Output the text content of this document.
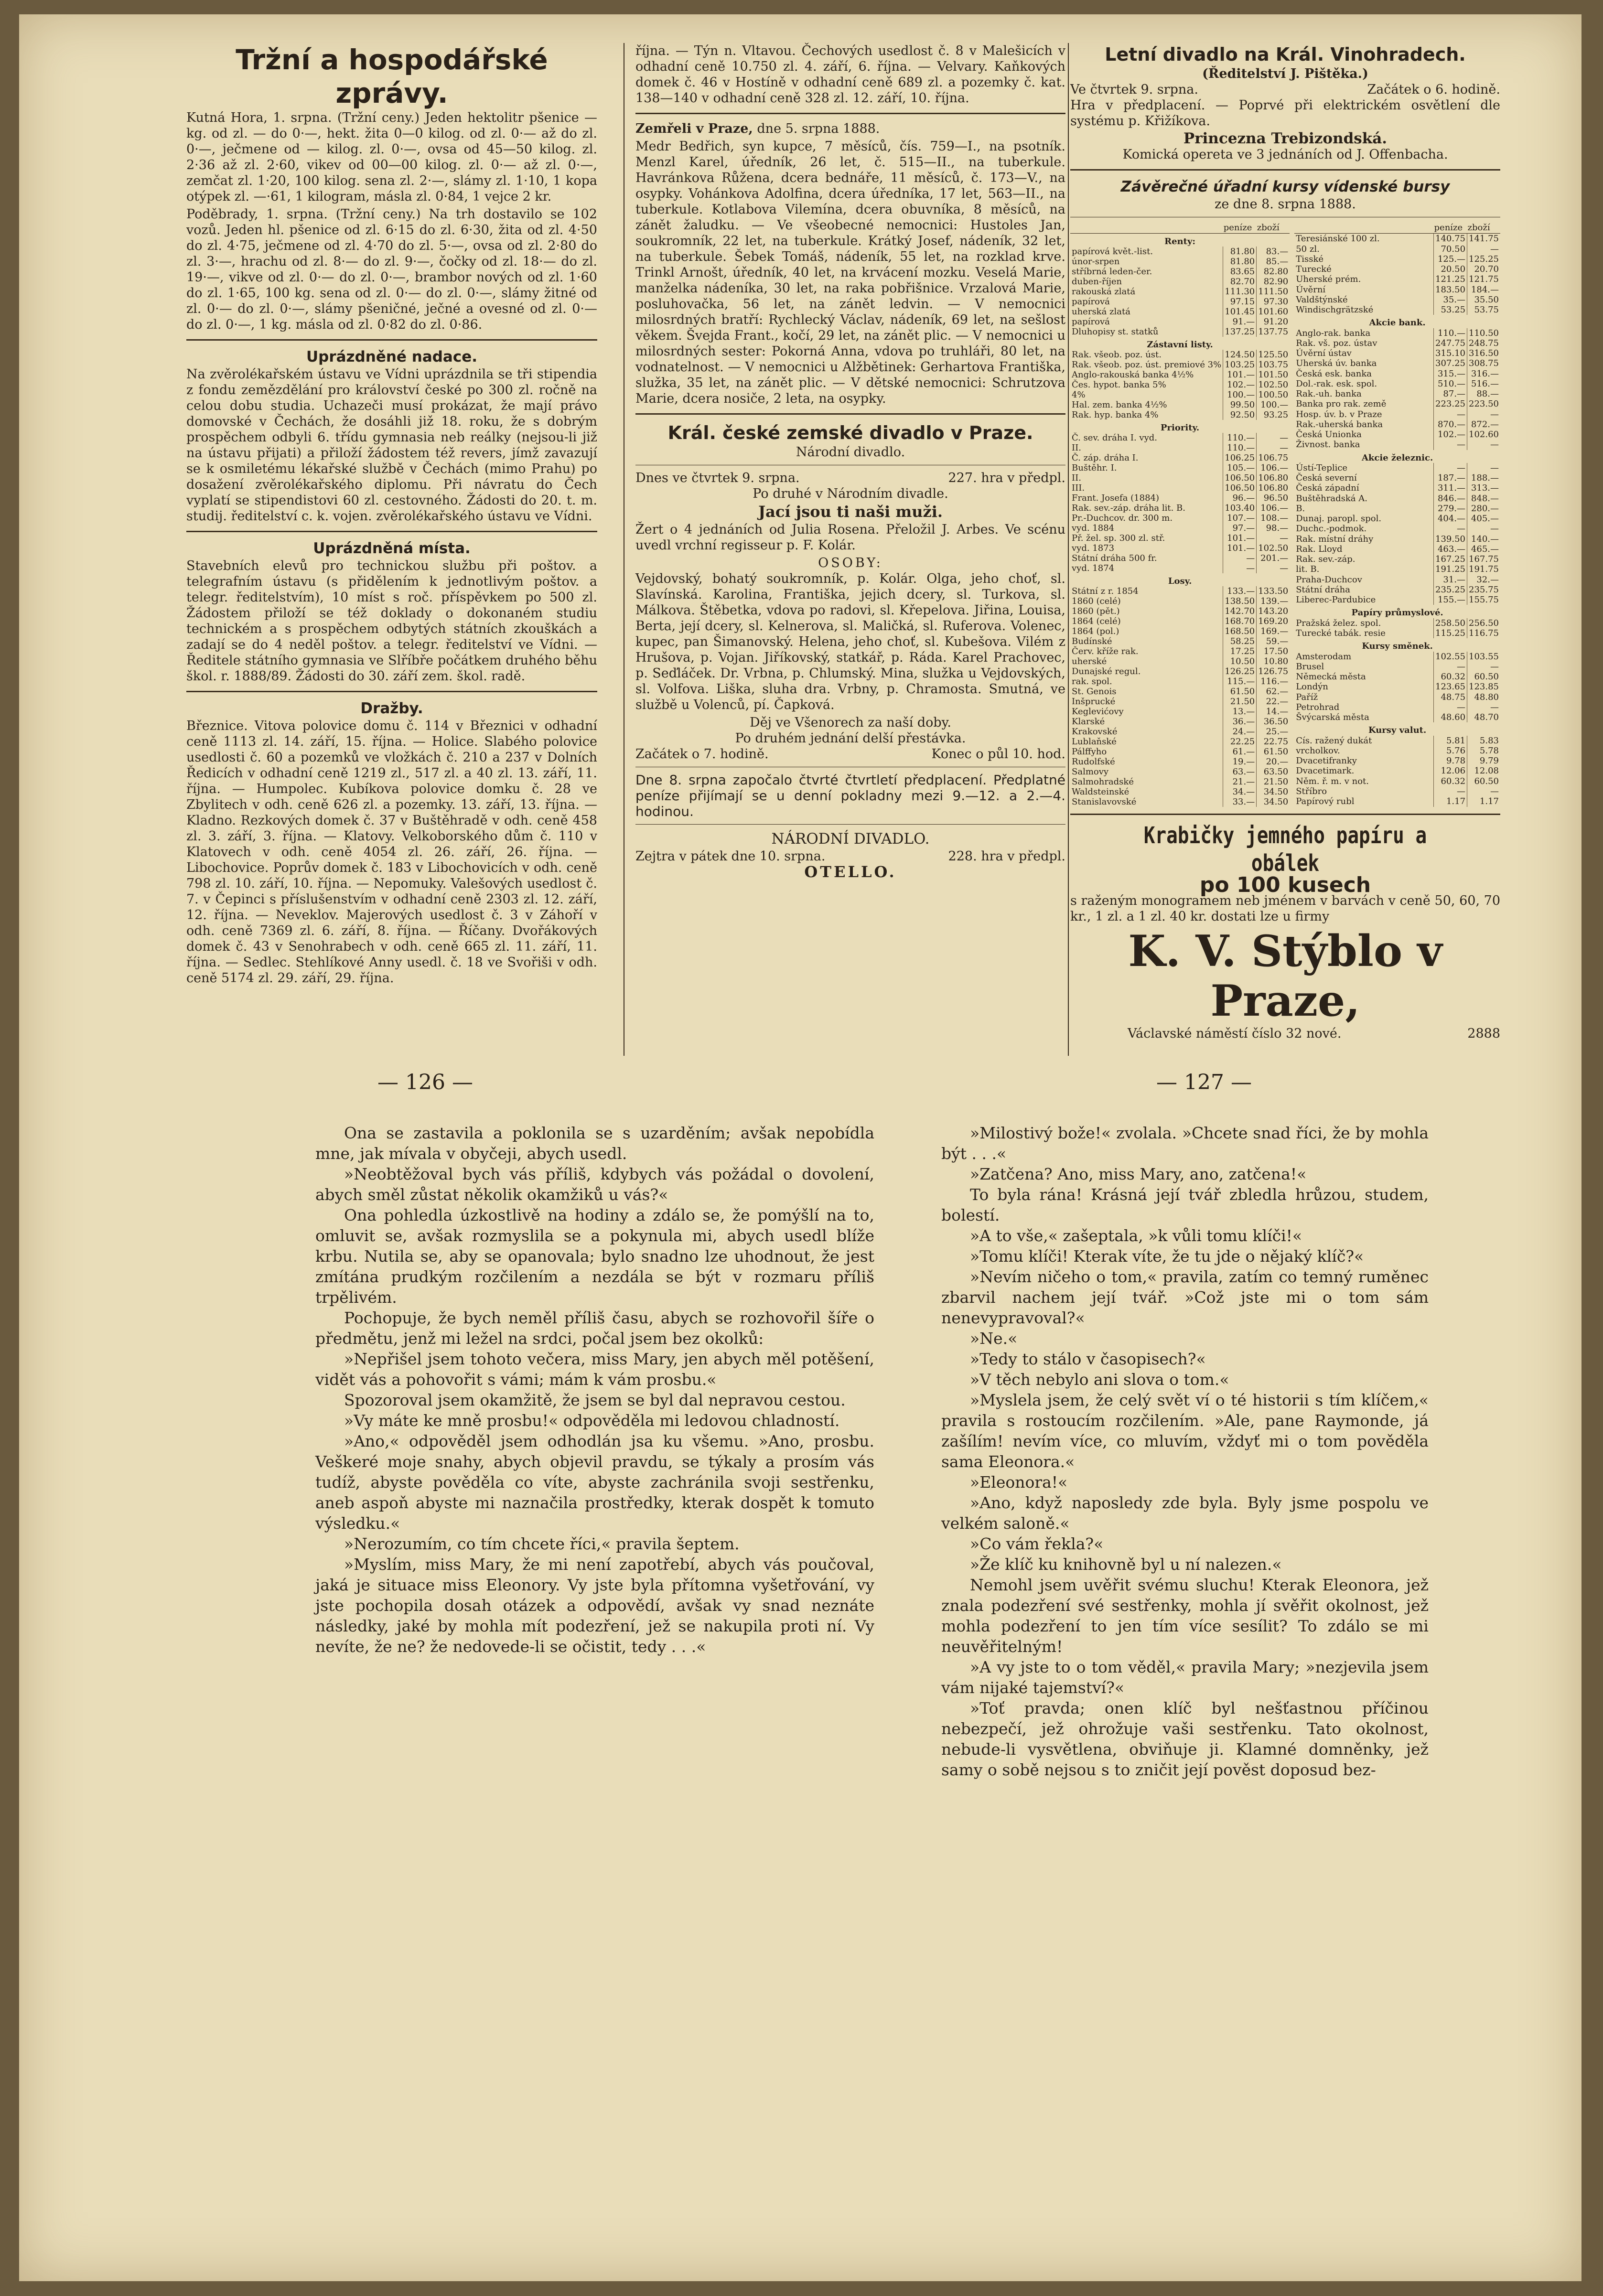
Tržní a hospodářské zprávy.

Kutná Hora, 1. srpna. (Tržní ceny.) Jeden hektolitr pšenice — kg. od zl. — do 0·—, hekt. žita 0—0 kilog. od zl. 0·— až do zl. 0·—, ječmene od — kilog. zl. 0·—, ovsa od 45—50 kilog. zl. 2·36 až zl. 2·60, vikev od 00—00 kilog. zl. 0·— až zl. 0·—, zemčat zl. 1·20, 100 kilog. sena zl. 2·—, slámy zl. 1·10, 1 kopa otýpek zl. —·61, 1 kilogram, másla zl. 0·84, 1 vejce 2 kr.

Poděbrady, 1. srpna. (Tržní ceny.) Na trh dostavilo se 102 vozů. Jeden hl. pšenice od zl. 6·15 do zl. 6·30, žita od zl. 4·50 do zl. 4·75, ječmene od zl. 4·70 do zl. 5·—, ovsa od zl. 2·80 do zl. 3·—, hrachu od zl. 8·— do zl. 9·—, čočky od zl. 18·— do zl. 19·—, vikve od zl. 0·— do zl. 0·—, brambor nových od zl. 1·60 do zl. 1·65, 100 kg. sena od zl. 0·— do zl. 0·—, slámy žitné od zl. 0·— do zl. 0·—, slámy pšeničné, ječné a ovesné od zl. 0·— do zl. 0·—, 1 kg. másla od zl. 0·82 do zl. 0·86.

Uprázdněné nadace.

Na zvěrolékařském ústavu ve Vídni uprázdnila se tři stipendia z fondu zemězdělání pro království české po 300 zl. ročně na celou dobu studia. Uchazeči musí prokázat, že mají právo domovské v Čechách, že dosáhli již 18. roku, že s dobrým prospěchem odbyli 6. třídu gymnasia neb reálky (nejsou-li již na ústavu přijati) a přiloží žádostem též revers, jímž zavazují se k osmiletému lékařské službě v Čechách (mimo Prahu) po dosažení zvěrolékařského diplomu. Při návratu do Čech vyplatí se stipendistovi 60 zl. cestovného. Žádosti do 20. t. m. studij. ředitelství c. k. vojen. zvěrolékařského ústavu ve Vídni.

Uprázdněná místa.

Stavebních elevů pro technickou službu při poštov. a telegrafním ústavu (s přidělením k jednotlivým poštov. a telegr. ředitelstvím), 10 míst s roč. příspěvkem po 500 zl. Žádostem přiloží se též doklady o dokonaném studiu technickém a s prospěchem odbytých státních zkouškách a zadají se do 4 neděl poštov. a telegr. ředitelství ve Vídni. — Ředitele státního gymnasia ve Slříbře počátkem druhého běhu škol. r. 1888/89. Žádosti do 30. září zem. škol. radě.

Dražby.

Březnice. Vitova polovice domu č. 114 v Březnici v odhadní ceně 1113 zl. 14. září, 15. října. — Holice. Slabého polovice usedlosti č. 60 a pozemků ve vložkách č. 210 a 237 v Dolních Ředicích v odhadní ceně 1219 zl., 517 zl. a 40 zl. 13. září, 11. října. — Humpolec. Kubíkova polovice domku č. 28 ve Zbylitech v odh. ceně 626 zl. a pozemky. 13. září, 13. října. — Kladno. Rezkových domek č. 37 v Buštěhradě v odh. ceně 458 zl. 3. září, 3. října. — Klatovy. Velkoborského dům č. 110 v Klatovech v odh. ceně 4054 zl. 26. září, 26. října. — Libochovice. Poprův domek č. 183 v Libochovicích v odh. ceně 798 zl. 10. září, 10. října. — Nepomuky. Valešových usedlost č. 7. v Čepinci s příslušenstvím v odhadní ceně 2303 zl. 12. září, 12. října. — Neveklov. Majerových usedlost č. 3 v Záhoří v odh. ceně 7369 zl. 6. září, 8. října. — Říčany. Dvořákových domek č. 43 v Senohrabech v odh. ceně 665 zl. 11. září, 11. října. — Sedlec. Stehlíkové Anny usedl. č. 18 ve Svořiši v odh. ceně 5174 zl. 29. září, 29. října.

října. — Týn n. Vltavou. Čechových usedlost č. 8 v Malešicích v odhadní ceně 10.750 zl. 4. září, 6. října. — Velvary. Kaňkových domek č. 46 v Hostíně v odhadní ceně 689 zl. a pozemky č. kat. 138—140 v odhadní ceně 328 zl. 12. září, 10. října.

Zemřeli v Praze, dne 5. srpna 1888.

Medr Bedřich, syn kupce, 7 měsíců, čís. 759—I., na psotník. Menzl Karel, úředník, 26 let, č. 515—II., na tuberkule. Havránkova Růžena, dcera bednáře, 11 měsíců, č. 173—V., na osypky. Vohánkova Adolfina, dcera úředníka, 17 let, 563—II., na tuberkule. Kotlabova Vilemína, dcera obuvníka, 8 měsíců, na zánět žaludku. — Ve všeobecné nemocnici: Hustoles Jan, soukromník, 22 let, na tuberkule. Krátký Josef, nádeník, 32 let, na tuberkule. Šebek Tomáš, nádeník, 55 let, na rozklad krve. Trinkl Arnošt, úředník, 40 let, na krvácení mozku. Veselá Marie, manželka nádeníka, 30 let, na raka pobřišnice. Vrzalová Marie, posluhovačka, 56 let, na zánět ledvin. — V nemocnici milosrdných bratří: Rychlecký Václav, nádeník, 69 let, na sešlost věkem. Švejda Frant., kočí, 29 let, na zánět plic. — V nemocnici u milosrdných sester: Pokorná Anna, vdova po truhláři, 80 let, na vodnatelnost. — V nemocnici u Alžbětinek: Gerhartova Františka, služka, 35 let, na zánět plic. — V dětské nemocnici: Schrutzova Marie, dcera nosiče, 2 leta, na osypky.

Král. české zemské divadlo v Praze.
Národní divadlo.
Dnes ve čtvrtek 9. srpna.	227. hra v předpl.
Po druhé v Národním divadle.
Jací jsou ti naši muži.

Žert o 4 jednáních od Julia Rosena. Přeložil J. Arbes. Ve scénu uvedl vrchní regisseur p. F. Kolár.

OSOBY:

Vejdovský, bohatý soukromník, p. Kolár. Olga, jeho choť, sl. Slavínská. Karolina, Františka, jejich dcery, sl. Turkova, sl. Málkova. Štěbetka, vdova po radovi, sl. Křepelova. Jiřina, Louisa, Berta, její dcery, sl. Kelnerova, sl. Maličká, sl. Ruferova. Volenec, kupec, pan Šimanovský. Helena, jeho choť, sl. Kubešova. Vilém z Hrušova, p. Vojan. Jiříkovský, statkář, p. Ráda. Karel Prachovec, p. Seďláček. Dr. Vrbna, p. Chlumský. Mina, služka u Vejdovských, sl. Volfova. Liška, sluha dra. Vrbny, p. Chramosta. Smutná, ve službě u Volenců, pí. Čapková.

Děj ve Všenorech za naší doby.
Po druhém jednání delší přestávka.
Začátek o 7. hodině.	Konec o půl 10. hod.

Dne 8. srpna započalo čtvrté čtvrtletí předplacení. Předplatné peníze přijímají se u denní pokladny mezi 9.—12. a 2.—4. hodinou.

NÁRODNÍ DIVADLO.
Zejtra v pátek dne 10. srpna.	228. hra v předpl.
OTELLO.
Letní divadlo na Král. Vinohradech.
(Ředitelství J. Pištěka.)
Ve čtvrtek 9. srpna.	Začátek o 6. hodině.

Hra v předplacení. — Poprvé při elektrickém osvětlení dle systému p. Křižíkova.

Princezna Trebizondská.
Komická opereta ve 3 jednáních od J. Offenbacha.
Závěrečné úřadní kursy vídenské bursy
ze dne 8. srpna 1888.
	peníze	zboží
Renty:		
papírová květ.-list.	81.80	83.—
únor-srpen	81.80	85.—
stříbrná leden-čer.	83.65	82.80
duben-říjen	82.70	82.90
rakouská zlatá	111.30	111.50
papírová	97.15	97.30
uherská zlatá	101.45	101.60
papírová	91.—	91.20
Dluhopisy st. statků	137.25	137.75
Zástavní listy.		
Rak. všeob. poz. úst.	124.50	125.50
Rak. všeob. poz. úst. premiové 3%	103.25	103.75
Anglo-rakouská banka 4½%	101.—	101.50
Čes. hypot. banka 5%	102.—	102.50
4%	100.—	100.50
Hal. zem. banka 4½%	99.50	100.—
Rak. hyp. banka 4%	92.50	93.25
Priority.		
Č. sev. dráha I. vyd.	110.—	—
II.	110.—	—
Č. záp. dráha I.	106.25	106.75
Buštěhr. I.	105.—	106.—
II.	106.50	106.80
III.	106.50	106.80
Frant. Josefa (1884)	96.—	96.50
Rak. sev.-záp. dráha lit. B.	103.40	106.—
Pr.-Duchcov. dr. 300 m.	107.—	108.—
vyd. 1884	97.—	98.—
Př. žel. sp. 300 zl. stř.	101.—	—
vyd. 1873	101.—	102.50
Státní dráha 500 fr.	—	201.—
vyd. 1874	—	—
Losy.		
Státní z r. 1854	133.—	133.50
1860 (celé)	138.50	139.—
1860 (pět.)	142.70	143.20
1864 (celé)	168.70	169.20
1864 (pol.)	168.50	169.—
Budínské	58.25	59.—
Červ. kříže rak.	17.25	17.50
uherské	10.50	10.80
Dunajské regul.	126.25	126.75
rak. spol.	115.—	116.—
St. Genois	61.50	62.—
Inšprucké	21.50	22.—
Keglevićovy	13.—	14.—
Klarské	36.—	36.50
Krakovské	24.—	25.—
Lublaňské	22.25	22.75
Pálffyho	61.—	61.50
Rudolfské	19.—	20.—
Salmovy	63.—	63.50
Salmohradské	21.—	21.50
Waldsteinské	34.—	34.50
Stanislavovské	33.—	34.50
	peníze	zboží
Teresiánské 100 zl.	140.75	141.75
50 zl.	70.50	—
Tisské	125.—	125.25
Turecké	20.50	20.70
Uherské prém.	121.25	121.75
Úvěrní	183.50	184.—
Valdštýnské	35.—	35.50
Windischgrätzské	53.25	53.75
Akcie bank.		
Anglo-rak. banka	110.—	110.50
Rak. vš. poz. ústav	247.75	248.75
Úvěrní ústav	315.10	316.50
Uherská úv. banka	307.25	308.75
Česká esk. banka	315.—	316.—
Dol.-rak. esk. spol.	510.—	516.—
Rak.-uh. banka	87.—	88.—
Banka pro rak. země	223.25	223.50
Hosp. úv. b. v Praze	—	—
Rak.-uherská banka	870.—	872.—
Česká Unionka	102.—	102.60
Živnost. banka	—	—
Akcie železnic.		
Ústí-Teplice	—	—
Česká severní	187.—	188.—
Česká západní	311.—	313.—
Buštěhradská A.	846.—	848.—
B.	279.—	280.—
Dunaj. paropl. spol.	404.—	405.—
Duchc.-podmok.	—	—
Rak. místní dráhy	139.50	140.—
Rak. Lloyd	463.—	465.—
Rak. sev.-záp.	167.25	167.75
lit. B.	191.25	191.75
Praha-Duchcov	31.—	32.—
Státní dráha	235.25	235.75
Liberec-Pardubice	155.—	155.75
Papíry průmyslové.		
Pražská želez. spol.	258.50	256.50
Turecké tabák. resie	115.25	116.75
Kursy směnek.		
Amsterodam	102.55	103.55
Brusel	—	—
Německá města	60.32	60.50
Londýn	123.65	123.85
Paříž	48.75	48.80
Petrohrad	—	—
Švýcarská města	48.60	48.70
Kursy valut.		
Cís. ražený dukát	5.81	5.83
vrcholkov.	5.76	5.78
Dvacetifranky	9.78	9.79
Dvacetimark.	12.06	12.08
Něm. ř. m. v not.	60.32	60.50
Stříbro	—	—
Papírový rubl	1.17	1.17
Krabičky jemného papíru a obálek
po 100 kusech

s raženým monogramem neb jménem v barvách v ceně 50, 60, 70 kr., 1 zl. a 1 zl. 40 kr. dostati lze u firmy

K. V. Stýblo v Praze,
Václavské náměstí číslo 32 nové.	2888
— 126 —	— 127 —

Ona se zastavila a poklonila se s uzarděním; avšak nepobídla mne, jak mívala v obyčeji, abych usedl.

»Neobtěžoval bych vás příliš, kdybych vás požádal o dovolení, abych směl zůstat několik okamžiků u vás?«

Ona pohledla úzkostlivě na hodiny a zdálo se, že pomýšlí na to, omluvit se, avšak rozmyslila se a pokynula mi, abych usedl blíže krbu. Nutila se, aby se opanovala; bylo snadno lze uhodnout, že jest zmítána prudkým rozčilením a nezdála se být v rozmaru příliš trpělivém.

Pochopuje, že bych neměl příliš času, abych se rozhovořil šíře o předmětu, jenž mi ležel na srdci, počal jsem bez okolků:

»Nepřišel jsem tohoto večera, miss Mary, jen abych měl potěšení, vidět vás a pohovořit s vámi; mám k vám prosbu.«

Spozoroval jsem okamžitě, že jsem se byl dal nepravou cestou.

»Vy máte ke mně prosbu!« odpověděla mi ledovou chladností.

»Ano,« odpověděl jsem odhodlán jsa ku všemu. »Ano, prosbu. Veškeré moje snahy, abych objevil pravdu, se týkaly a prosím vás tudíž, abyste pověděla co víte, abyste zachránila svoji sestřenku, aneb aspoň abyste mi naznačila prostředky, kterak dospět k tomuto výsledku.«

»Nerozumím, co tím chcete říci,« pravila šeptem.

»Myslím, miss Mary, že mi není zapotřebí, abych vás poučoval, jaká je situace miss Eleonory. Vy jste byla přítomna vyšetřování, vy jste pochopila dosah otázek a odpovědí, avšak vy snad neznáte následky, jaké by mohla mít podezření, jež se nakupila proti ní. Vy nevíte, že ne? že nedovede-li se očistit, tedy . . .«

»Milostivý bože!« zvolala. »Chcete snad říci, že by mohla být . . .«

»Zatčena? Ano, miss Mary, ano, zatčena!«

To byla rána! Krásná její tvář zbledla hrůzou, studem, bolestí.

»A to vše,« zašeptala, »k vůli tomu klíči!«

»Tomu klíči! Kterak víte, že tu jde o nějaký klíč?«

»Nevím ničeho o tom,« pravila, zatím co temný ruměnec zbarvil nachem její tvář. »Což jste mi o tom sám nenevypravoval?«

»Ne.«

»Tedy to stálo v časopisech?«

»V těch nebylo ani slova o tom.«

»Myslela jsem, že celý svět ví o té historii s tím klíčem,« pravila s rostoucím rozčilením. »Ale, pane Raymonde, já zašílím! nevím více, co mluvím, vždyť mi o tom pověděla sama Eleonora.«

»Eleonora!«

»Ano, když naposledy zde byla. Byly jsme pospolu ve velkém saloně.«

»Co vám řekla?«

»Že klíč ku knihovně byl u ní nalezen.«

Nemohl jsem uvěřit svému sluchu! Kterak Eleonora, jež znala podezření své sestřenky, mohla jí svěřit okolnost, jež mohla podezření to jen tím více sesílit? To zdálo se mi neuvěřitelným!

»A vy jste to o tom věděl,« pravila Mary; »nezjevila jsem vám nijaké tajemství?«

»Toť pravda; onen klíč byl nešťastnou příčinou nebezpečí, jež ohrožuje vaši sestřenku. Tato okolnost, nebude-li vysvětlena, obviňuje ji. Klamné domněnky, jež samy o sobě nejsou s to zničit její pověst doposud bez-
